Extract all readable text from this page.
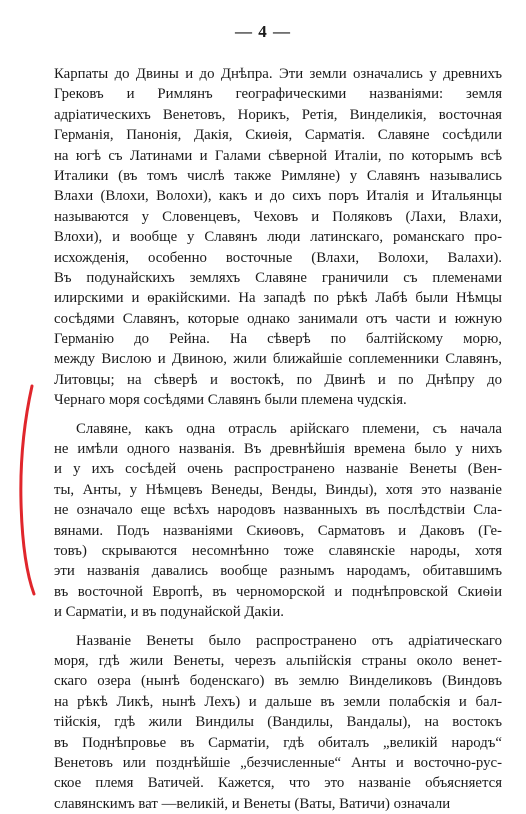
— 4 —
Карпаты до Двины и до Днѣпра. Эти земли означались у древнихъ
Грековъ и Римлянъ географическими названiями: земля
адрiатическихъ Венетовъ, Норикъ, Ретiя, Винделикiя, восточная
Германiя, Панонiя, Дакiя, Скиѳiя, Сарматiя. Славяне сосѣдили
на югѣ съ Латинами и Галами сѣверной Италiи, по которымъ всѣ
Италики (въ томъ числѣ также Римляне) у Славянъ назывались
Влахи (Влохи, Волохи), какъ и до сихъ поръ Италiя и Итальянцы
называются у Словенцевъ, Чеховъ и Поляковъ (Лахи, Влахи,
Влохи), и вообще у Славянъ люди латинскаго, романскаго про-
исхожденiя, особенно восточные (Влахи, Волохи, Валахи).
Въ подунайскихъ земляхъ Славяне граничили съ племенами
илирскими и ѳракiйскими. На западѣ по рѣкѣ Лабѣ были Нѣмцы
сосѣдями Славянъ, которые однако занимали отъ части и южную
Германiю до Рейна. На сѣверѣ по балтiйскому морю,
между Вислою и Двиною, жили ближайшiе соплеменники Славянъ,
Литовцы; на сѣверѣ и востокѣ, по Двинѣ и по Днѣпру до
Чернаго моря сосѣдями Славянъ были племена чудскiя.
Славяне, какъ одна отрасль арiйскаго племени, съ начала
не имѣли одного названiя. Въ древнѣйшiя времена было у нихъ
и у ихъ сосѣдей очень распространено названiе Венеты (Вен-
ты, Анты, у Нѣмцевъ Венеды, Венды, Винды), хотя это названiе
не означало еще всѣхъ народовъ названныхъ въ послѣдствiи Сла-
вянами. Подъ названiями Скиѳовъ, Сарматовъ и Даковъ (Ге-
товъ) скрываются несомнѣнно тоже славянскiе народы, хотя
эти названiя давались вообще разнымъ народамъ, обитавшимъ
въ восточной Европѣ, въ черноморской и поднѣпровской Скиѳiи
и Сарматiи, и въ подунайской Дакiи.
Названiе Венеты было распространено отъ адрiатическаго
моря, гдѣ жили Венеты, черезъ альпiйскiя страны около венет-
скаго озера (нынѣ боденскаго) въ землю Винделиковъ (Виндовъ
на рѣкѣ Ликѣ, нынѣ Лехъ) и дальше въ земли полабскiя и бал-
тiйскiя, гдѣ жили Виндилы (Вандилы, Вандалы), на востокъ
въ Поднѣпровье въ Сарматiи, гдѣ обиталъ „великiй народъ“
Венетовъ или позднѣйшiе „безчисленные“ Анты и восточно-рус-
ское племя Ватичей. Кажется, что это названiе объясняется
славянскимъ ват —великiй, и Венеты (Ваты, Ватичи) означали
